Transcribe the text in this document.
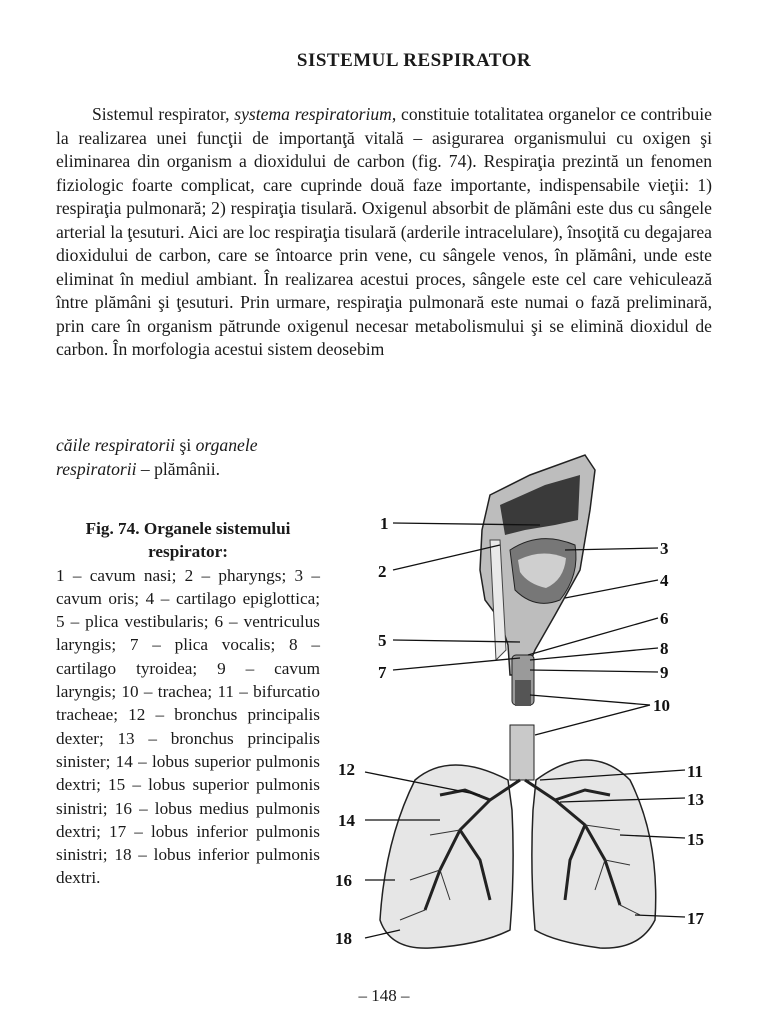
SISTEMUL RESPIRATOR

Sistemul respirator, systema respiratorium, constituie totalitatea organelor ce contribuie la realizarea unei funcţii de importanţă vitală – asigurarea organismului cu oxigen şi eliminarea din organism a dioxidului de carbon (fig. 74). Respiraţia prezintă un fenomen fiziologic foarte complicat, care cuprinde două faze importante, indispensabile vieţii: 1) respiraţia pulmonară; 2) respiraţia tisulară. Oxigenul absorbit de plămâni este dus cu sângele arterial la ţesuturi. Aici are loc respiraţia tisulară (arderile intracelulare), însoţită cu degajarea dioxidului de carbon, care se întoarce prin vene, cu sângele venos, în plămâni, unde este eliminat în mediul ambiant. În realizarea acestui proces, sângele este cel care vehiculează între plămâni şi ţesuturi. Prin urmare, respiraţia pulmonară este numai o fază preliminară, prin care în organism pătrunde oxigenul necesar metabolismului şi se elimină dioxidul de carbon. În morfologia acestui sistem deosebim

căile respiratorii şi organele respiratorii – plămânii.
Fig. 74. Organele sistemului respirator:
1 – cavum nasi; 2 – pharyngs; 3 – cavum oris; 4 – cartilago epiglottica; 5 – plica vestibularis; 6 – ventriculus laryngis; 7 – plica vocalis; 8 – cartilago tyroidea; 9 – cavum laryngis; 10 – trachea; 11 – bifurcatio tracheae; 12 – bronchus principalis dexter; 13 – bronchus principalis sinister; 14 – lobus superior pulmonis dextri; 15 – lobus superior pulmonis sinistri; 16 – lobus medius pulmonis dextri; 17 – lobus inferior pulmonis sinistri; 18 – lobus inferior pulmonis dextri.
1
2
3
4
5
6
7
8
9
10
11
12
13
14
15
16
17
18
– 148 –
